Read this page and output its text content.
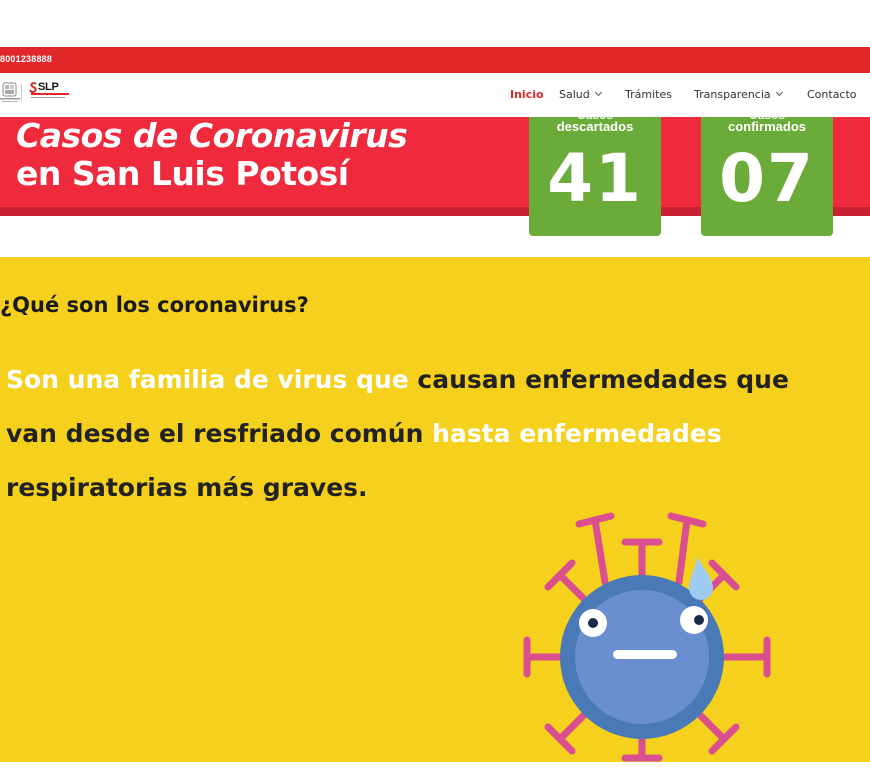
8001238888
SLP
Inicio Salud	Trámites Transparencia	Contacto
Casos de Coronavirus
en San Luis Potosí
Casos
descartados
41
Casos
confirmados
07
¿Qué son los coronavirus?
Son una familia de virus que causan enfermedades que van desde el resfriado común hasta enfermedades respiratorias más graves.
